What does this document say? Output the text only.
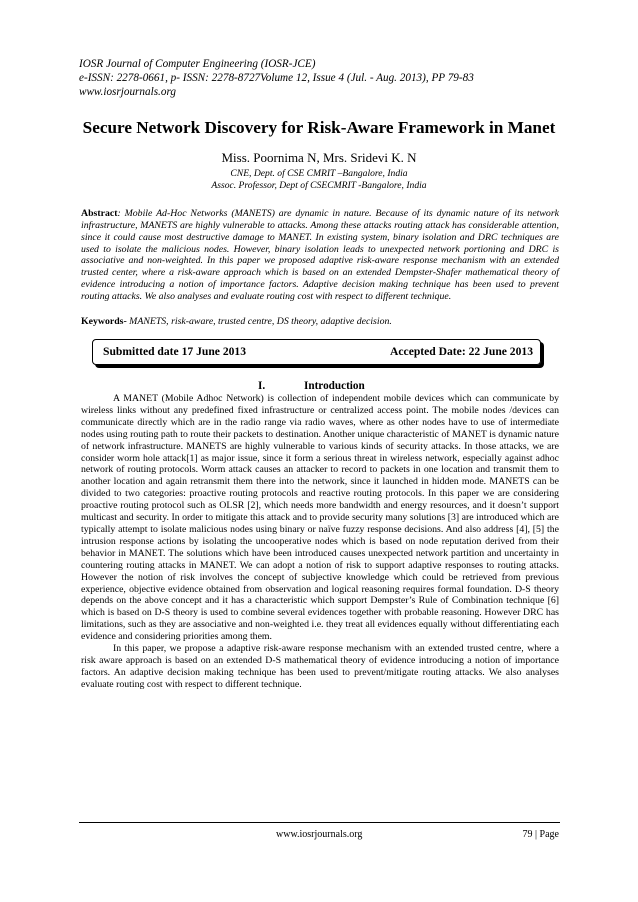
IOSR Journal of Computer Engineering (IOSR-JCE)
e-ISSN: 2278-0661, p- ISSN: 2278-8727Volume 12, Issue 4 (Jul. - Aug. 2013), PP 79-83
www.iosrjournals.org
Secure Network Discovery for Risk-Aware Framework in Manet
Miss. Poornima N, Mrs. Sridevi K. N
CNE, Dept. of CSE CMRIT –Bangalore, India
Assoc. Professor, Dept of CSECMRIT -Bangalore, India
Abstract: Mobile Ad-Hoc Networks (MANETS) are dynamic in nature. Because of its dynamic nature of its network infrastructure, MANETS are highly vulnerable to attacks. Among these attacks routing attack has considerable attention, since it could cause most destructive damage to MANET. In existing system, binary isolation and DRC techniques are used to isolate the malicious nodes. However, binary isolation leads to unexpected network portioning and DRC is associative and non-weighted. In this paper we proposed adaptive risk-aware response mechanism with an extended trusted center, where a risk-aware approach which is based on an extended Dempster-Shafer mathematical theory of evidence introducing a notion of importance factors. Adaptive decision making technique has been used to prevent routing attacks. We also analyses and evaluate routing cost with respect to different technique.
Keywords- MANETS, risk-aware, trusted centre, DS theory, adaptive decision.
Submitted date 17 June 2013	Accepted Date: 22 June 2013
I.	Introduction

A MANET (Mobile Adhoc Network) is collection of independent mobile devices which can communicate by wireless links without any predefined fixed infrastructure or centralized access point. The mobile nodes /devices can communicate directly which are in the radio range via radio waves, where as other nodes have to use of intermediate nodes using routing path to route their packets to destination. Another unique characteristic of MANET is dynamic nature of network infrastructure. MANETS are highly vulnerable to various kinds of security attacks. In those attacks, we are consider worm hole attack[1] as major issue, since it form a serious threat in wireless network, especially against adhoc network of routing protocols. Worm attack causes an attacker to record to packets in one location and transmit them to another location and again retransmit them there into the network, since it launched in hidden mode. MANETS can be divided to two categories: proactive routing protocols and reactive routing protocols. In this paper we are considering proactive routing protocol such as OLSR [2], which needs more bandwidth and energy resources, and it doesn’t support multicast and security. In order to mitigate this attack and to provide security many solutions [3] are introduced which are typically attempt to isolate malicious nodes using binary or naïve fuzzy response decisions. And also address [4], [5] the intrusion response actions by isolating the uncooperative nodes which is based on node reputation derived from their behavior in MANET. The solutions which have been introduced causes unexpected network partition and uncertainty in countering routing attacks in MANET. We can adopt a notion of risk to support adaptive responses to routing attacks. However the notion of risk involves the concept of subjective knowledge which could be retrieved from previous experience, objective evidence obtained from observation and logical reasoning requires formal foundation. D-S theory depends on the above concept and it has a characteristic which support Dempster’s Rule of Combination technique [6] which is based on D-S theory is used to combine several evidences together with probable reasoning. However DRC has limitations, such as they are associative and non-weighted i.e. they treat all evidences equally without differentiating each evidence and considering priorities among them.

In this paper, we propose a adaptive risk-aware response mechanism with an extended trusted centre, where a risk aware approach is based on an extended D-S mathematical theory of evidence introducing a notion of importance factors. An adaptive decision making technique has been used to prevent/mitigate routing attacks. We also analyses evaluate routing cost with respect to different technique.

www.iosrjournals.org	79 | Page
